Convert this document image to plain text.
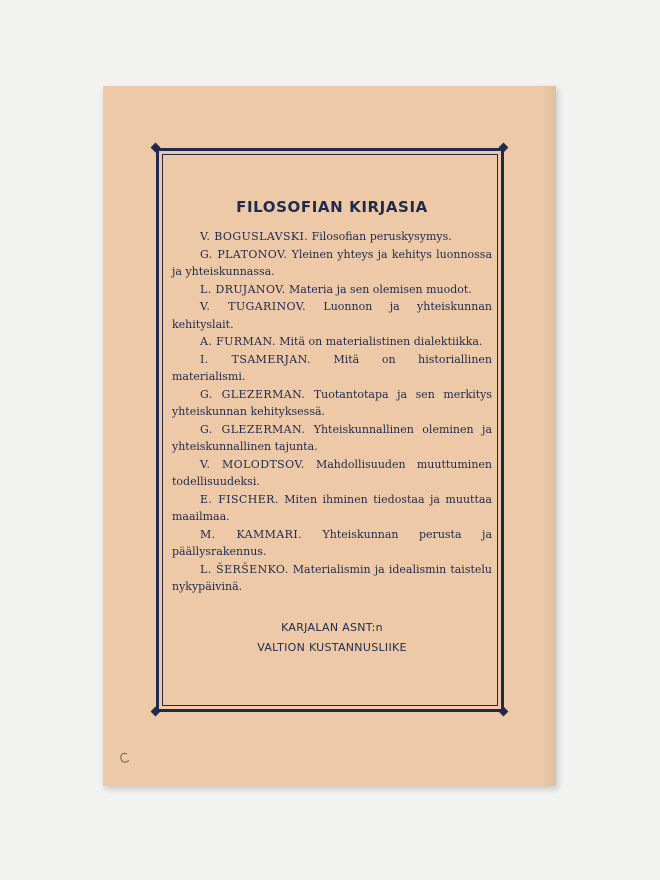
FILOSOFIAN KIRJASIA
V. BOGUSLAVSKI. Filosofian peruskysymys.
G. PLATONOV. Yleinen yhteys ja kehitys luonnossa ja yhteiskunnassa.
L. DRUJANOV. Materia ja sen olemisen muodot.
V. TUGARINOV. Luonnon ja yhteiskunnan kehityslait.
A. FURMAN. Mitä on materialistinen dialektiikka.
I. TSAMERJAN. Mitä on historiallinen materialismi.
G. GLEZERMAN. Tuotantotapa ja sen merkitys yhteiskunnan kehityksessä.
G. GLEZERMAN. Yhteiskunnallinen oleminen ja yhteiskunnallinen tajunta.
V. MOLODTSOV. Mahdollisuuden muuttuminen todellisuudeksi.
E. FISCHER. Miten ihminen tiedostaa ja muuttaa maailmaa.
M. KAMMARI. Yhteiskunnan perusta ja päällysrakennus.
L. ŠERŠENKO. Materialismin ja idealismin taistelu nykypäivinä.
KARJALAN ASNT:n
VALTION KUSTANNUSLIIKE
